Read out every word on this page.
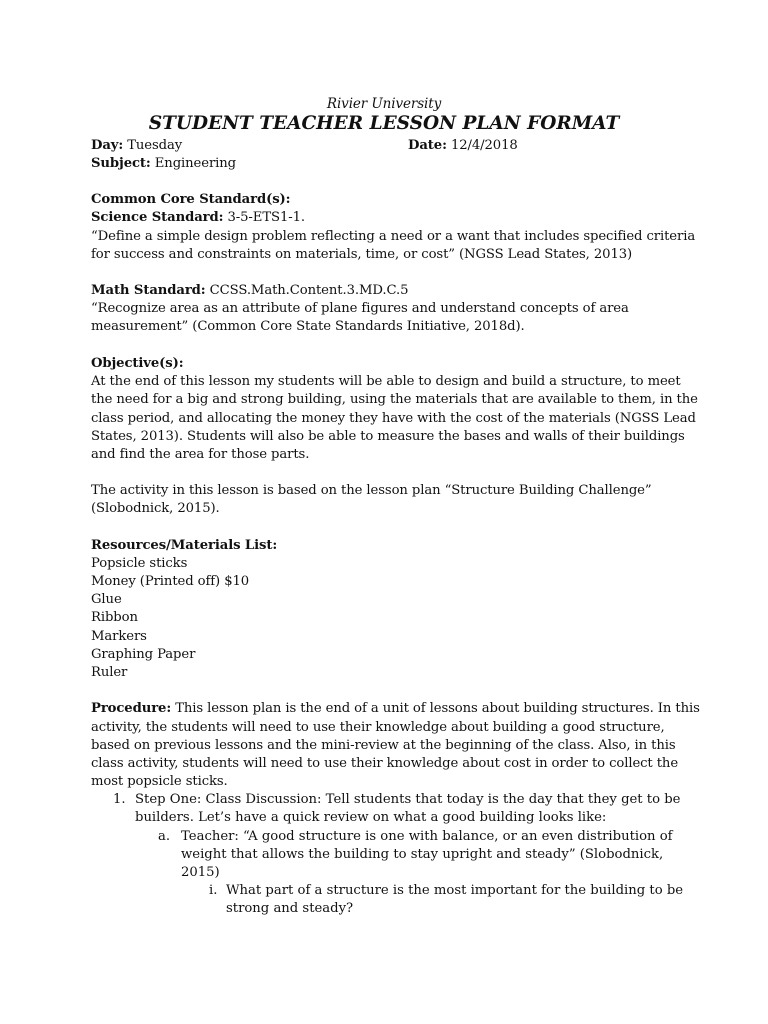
Rivier University
STUDENT TEACHER LESSON PLAN FORMAT
Day: Tuesday	Date: 12/4/2018
Subject: Engineering
Common Core Standard(s):
Science Standard: 3-5-ETS1-1.
“Define a simple design problem reflecting a need or a want that includes specified criteria
for success and constraints on materials, time, or cost” (NGSS Lead States, 2013)
Math Standard: CCSS.Math.Content.3.MD.C.5
“Recognize area as an attribute of plane figures and understand concepts of area
measurement” (Common Core State Standards Initiative, 2018d).
Objective(s):
At the end of this lesson my students will be able to design and build a structure, to meet
the need for a big and strong building, using the materials that are available to them, in the
class period, and allocating the money they have with the cost of the materials (NGSS Lead
States, 2013). Students will also be able to measure the bases and walls of their buildings
and find the area for those parts.
The activity in this lesson is based on the lesson plan “Structure Building Challenge”
(Slobodnick, 2015).
Resources/Materials List:
Popsicle sticks
Money (Printed off) $10
Glue
Ribbon
Markers
Graphing Paper
Ruler
Procedure: This lesson plan is the end of a unit of lessons about building structures. In this
activity, the students will need to use their knowledge about building a good structure,
based on previous lessons and the mini-review at the beginning of the class. Also, in this
class activity, students will need to use their knowledge about cost in order to collect the
most popsicle sticks.
1. Step One: Class Discussion: Tell students that today is the day that they get to be
builders. Let’s have a quick review on what a good building looks like:
a. Teacher: “A good structure is one with balance, or an even distribution of
weight that allows the building to stay upright and steady” (Slobodnick,
2015)
i. What part of a structure is the most important for the building to be
strong and steady?
